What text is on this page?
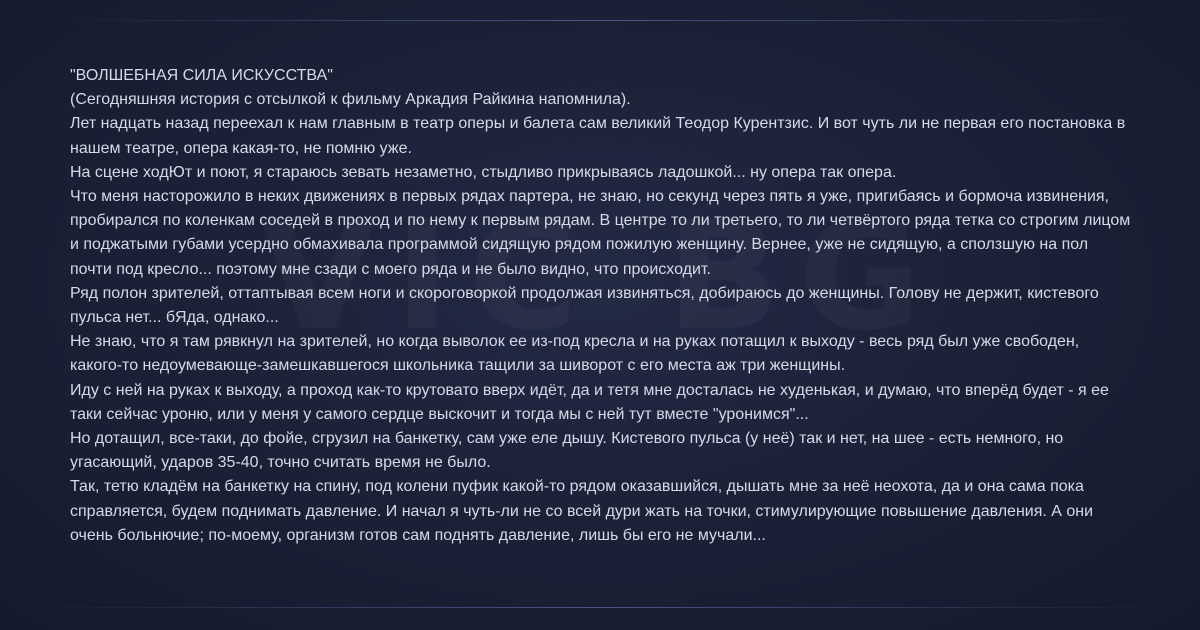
"ВОЛШЕБНАЯ СИЛА ИСКУССТВА"

(Сегодняшняя история с отсылкой к фильму Аркадия Райкина напомнила).

Лет надцать назад переехал к нам главным в театр оперы и балета сам великий Теодор Курентзис. И вот чуть ли не первая его постановка в нашем театре, опера какая-то, не помню уже.

На сцене ходЮт и поют, я стараюсь зевать незаметно, стыдливо прикрываясь ладошкой... ну опера так опера.

Что меня насторожило в неких движениях в первых рядах партера, не знаю, но секунд через пять я уже, пригибаясь и бормоча извинения, пробирался по коленкам соседей в проход и по нему к первым рядам. В центре то ли третьего, то ли четвёртого ряда тетка со строгим лицом и поджатыми губами усердно обмахивала программой сидящую рядом пожилую женщину. Вернее, уже не сидящую, а сползшую на пол почти под кресло... поэтому мне сзади с моего ряда и не было видно, что происходит.

Ряд полон зрителей, оттаптывая всем ноги и скороговоркой продолжая извиняться, добираюсь до женщины. Голову не держит, кистевого пульса нет... бЯда, однако...

Не знаю, что я там рявкнул на зрителей, но когда выволок ее из-под кресла и на руках потащил к выходу - весь ряд был уже свободен, какого-то недоумевающе-замешкавшегося школьника тащили за шиворот с его места аж три женщины.

Иду с ней на руках к выходу, а проход как-то крутовато вверх идёт, да и тетя мне досталась не худенькая, и думаю, что вперёд будет - я ее таки сейчас уроню, или у меня у самого сердце выскочит и тогда мы с ней тут вместе "уронимся"...

Но дотащил, все-таки, до фойе, сгрузил на банкетку, сам уже еле дышу. Кистевого пульса (у неё) так и нет, на шее - есть немного, но угасающий, ударов 35-40, точно считать время не было.

Так, тетю кладём на банкетку на спину, под колени пуфик какой-то рядом оказавшийся, дышать мне за неё неохота, да и она сама пока справляется, будем поднимать давление. И начал я чуть-ли не со всей дури жать на точки, стимулирующие повышение давления. А они очень больнючие; по-моему, организм готов сам поднять давление, лишь бы его не мучали...
